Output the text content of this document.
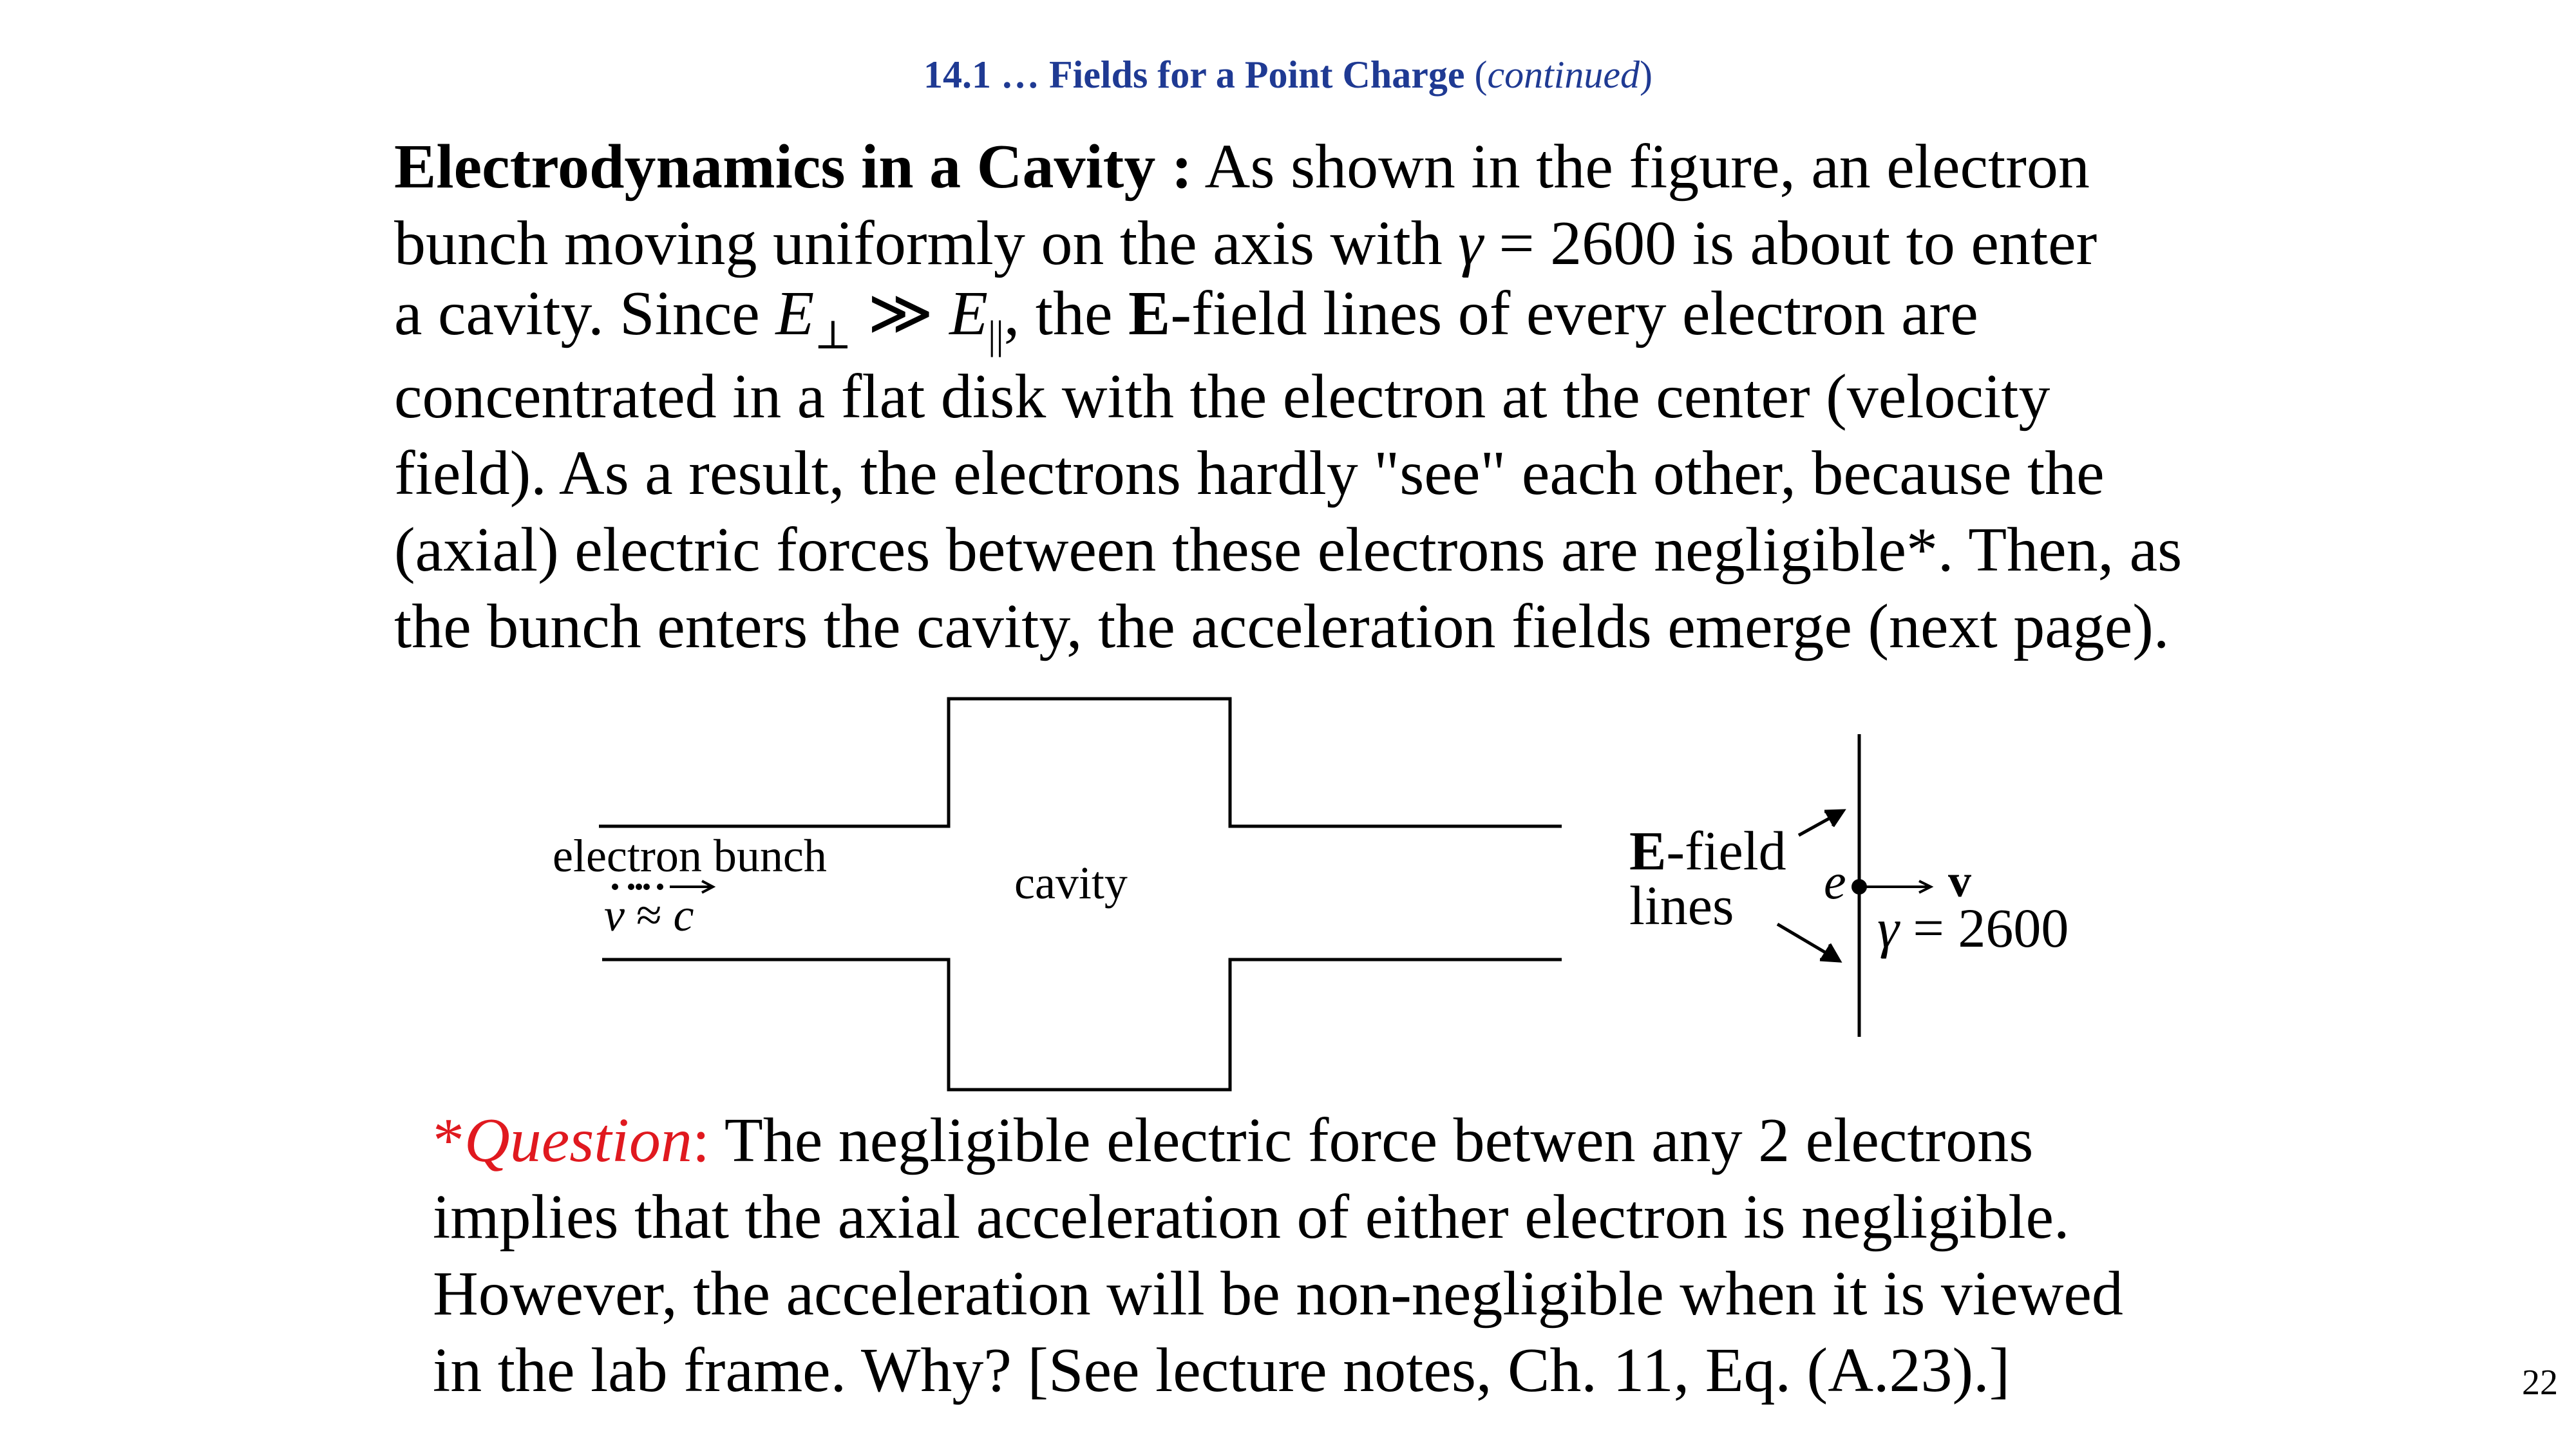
14.1 … Fields for a Point Charge (continued)
Electrodynamics in a Cavity : As shown in the figure, an electron
bunch moving uniformly on the axis with γ = 2600 is about to enter
a cavity. Since $E_\perp$ ≫ $E_{||}$, the E-field lines of every electron are
concentrated in a flat disk with the electron at the center (velocity
field). As a result, the electrons hardly "see" each other, because the
(axial) electric forces between these electrons are negligible*. Then, as
the bunch enters the cavity, the acceleration fields emerge (next page).
electron bunch
v ≈ c
cavity
E-field
lines e v
γ = 2600
*Question: The negligible electric force betwen any 2 electrons
implies that the axial acceleration of either electron is negligible.
However, the acceleration will be non-negligible when it is viewed
in the lab frame. Why? [See lecture notes, Ch. 11, Eq. (A.23).]	22
